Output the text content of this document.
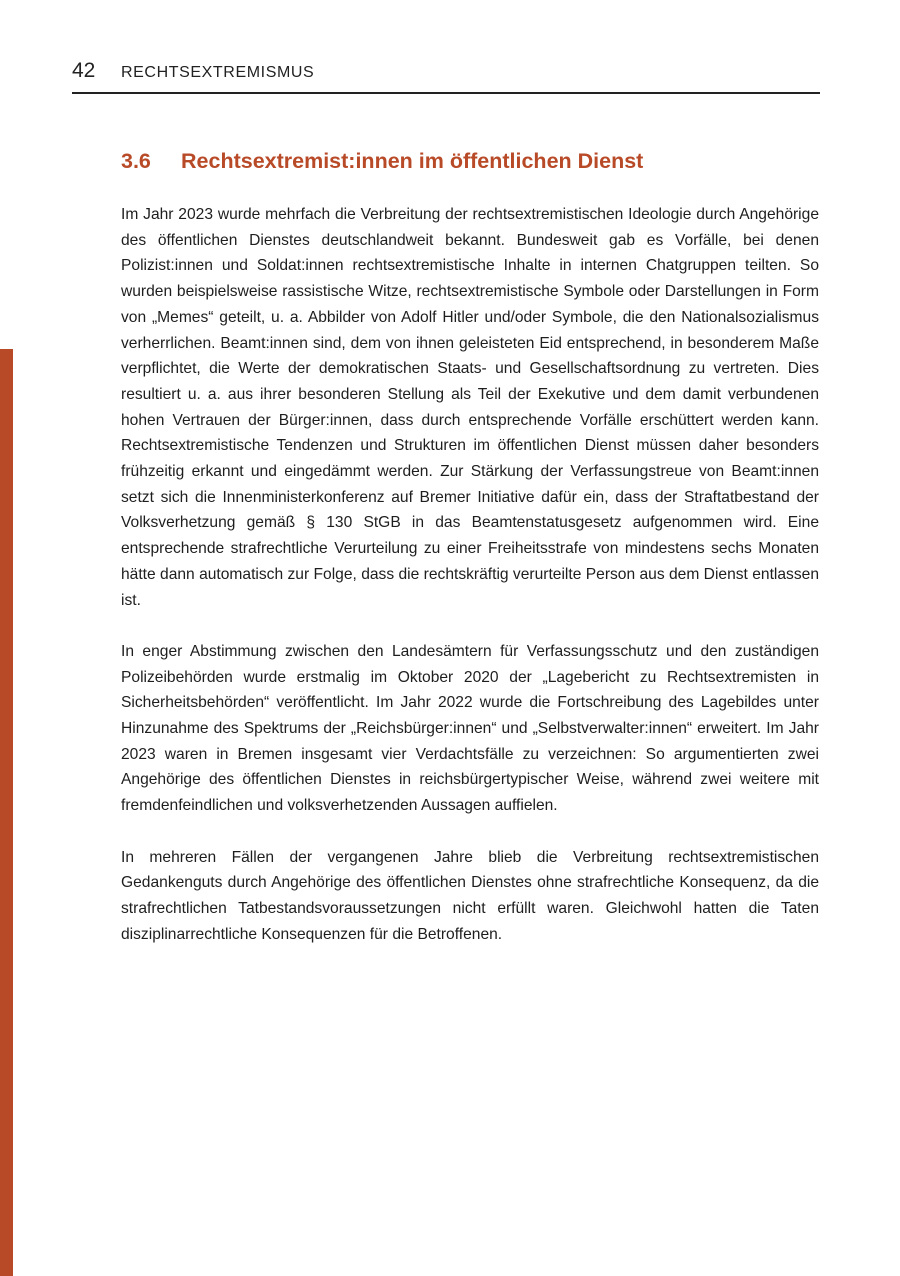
42 RECHTSEXTREMISMUS
3.6 Rechtsextremist:innen im öffentlichen Dienst

Im Jahr 2023 wurde mehrfach die Verbreitung der rechtsextremistischen Ideologie durch Angehörige des öffentlichen Dienstes deutschlandweit bekannt. Bundesweit gab es Vorfälle, bei denen Polizist:innen und Soldat:innen rechtsextremistische Inhalte in internen Chatgruppen teilten. So wurden beispielsweise rassistische Witze, rechtsextremistische Symbole oder Darstellungen in Form von „Memes“ geteilt, u. a. Abbilder von Adolf Hitler und/oder Symbole, die den Nationalsozialismus verherrlichen. Beamt:innen sind, dem von ihnen geleisteten Eid entsprechend, in besonderem Maße verpflichtet, die Werte der demokratischen Staats- und Gesellschaftsordnung zu vertreten. Dies resultiert u. a. aus ihrer besonderen Stellung als Teil der Exekutive und dem damit verbundenen hohen Vertrauen der Bürger:innen, dass durch entsprechende Vorfälle erschüttert werden kann. Rechtsextremistische Tendenzen und Strukturen im öffentlichen Dienst müssen daher besonders frühzeitig erkannt und eingedämmt werden. Zur Stärkung der Verfassungstreue von Beamt:innen setzt sich die Innenministerkonferenz auf Bremer Initiative dafür ein, dass der Straftatbestand der Volksverhetzung gemäß § 130 StGB in das Beamtenstatusgesetz aufgenommen wird. Eine entsprechende strafrechtliche Verurteilung zu einer Freiheitsstrafe von mindestens sechs Monaten hätte dann automatisch zur Folge, dass die rechtskräftig verurteilte Person aus dem Dienst entlassen ist.

In enger Abstimmung zwischen den Landesämtern für Verfassungsschutz und den zuständigen Polizeibehörden wurde erstmalig im Oktober 2020 der „Lagebericht zu Rechtsextremisten in Sicherheitsbehörden“ veröffentlicht. Im Jahr 2022 wurde die Fortschreibung des Lagebildes unter Hinzunahme des Spektrums der „Reichsbürger:innen“ und „Selbstverwalter:innen“ erweitert. Im Jahr 2023 waren in Bremen insgesamt vier Verdachtsfälle zu verzeichnen: So argumentierten zwei Angehörige des öffentlichen Dienstes in reichsbürgertypischer Weise, während zwei weitere mit fremdenfeindlichen und volksverhetzenden Aussagen auffielen.

In mehreren Fällen der vergangenen Jahre blieb die Verbreitung rechtsextremistischen Gedankenguts durch Angehörige des öffentlichen Dienstes ohne strafrechtliche Konsequenz, da die strafrechtlichen Tatbestandsvoraussetzungen nicht erfüllt waren. Gleichwohl hatten die Taten disziplinarrechtliche Konsequenzen für die Betroffenen.
